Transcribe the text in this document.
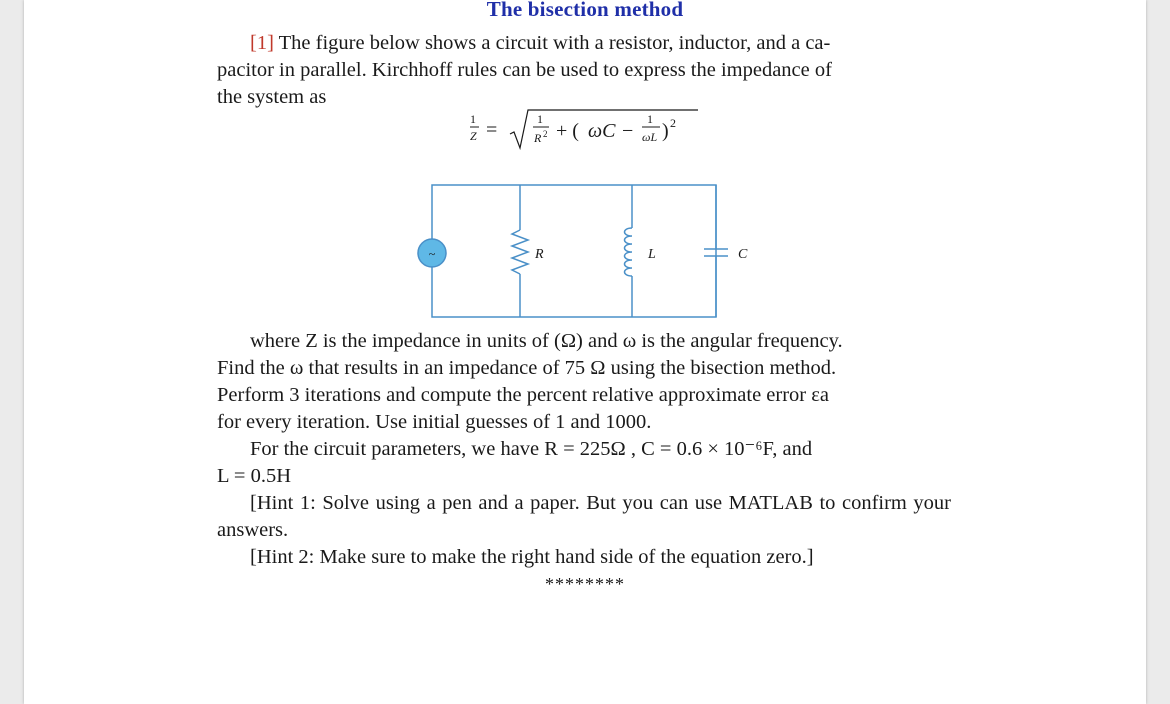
The bisection method

[1] The figure below shows a circuit with a resistor, inductor, and a ca-

pacitor in parallel. Kirchhoff rules can be used to express the impedance of

the system as

1
Z =	1
R 2 + ( ωC −
1
ωL ) 2
~	R	L	C

where Z is the impedance in units of (Ω) and ω is the angular frequency.

Find the ω that results in an impedance of 75 Ω using the bisection method.

Perform 3 iterations and compute the percent relative approximate error εa

for every iteration. Use initial guesses of 1 and 1000.

For the circuit parameters, we have R = 225Ω , C = 0.6 × 10⁻⁶F, and

L = 0.5H

[Hint 1: Solve using a pen and a paper. But you can use MATLAB to confirm your answers.

[Hint 2: Make sure to make the right hand side of the equation zero.]

********
